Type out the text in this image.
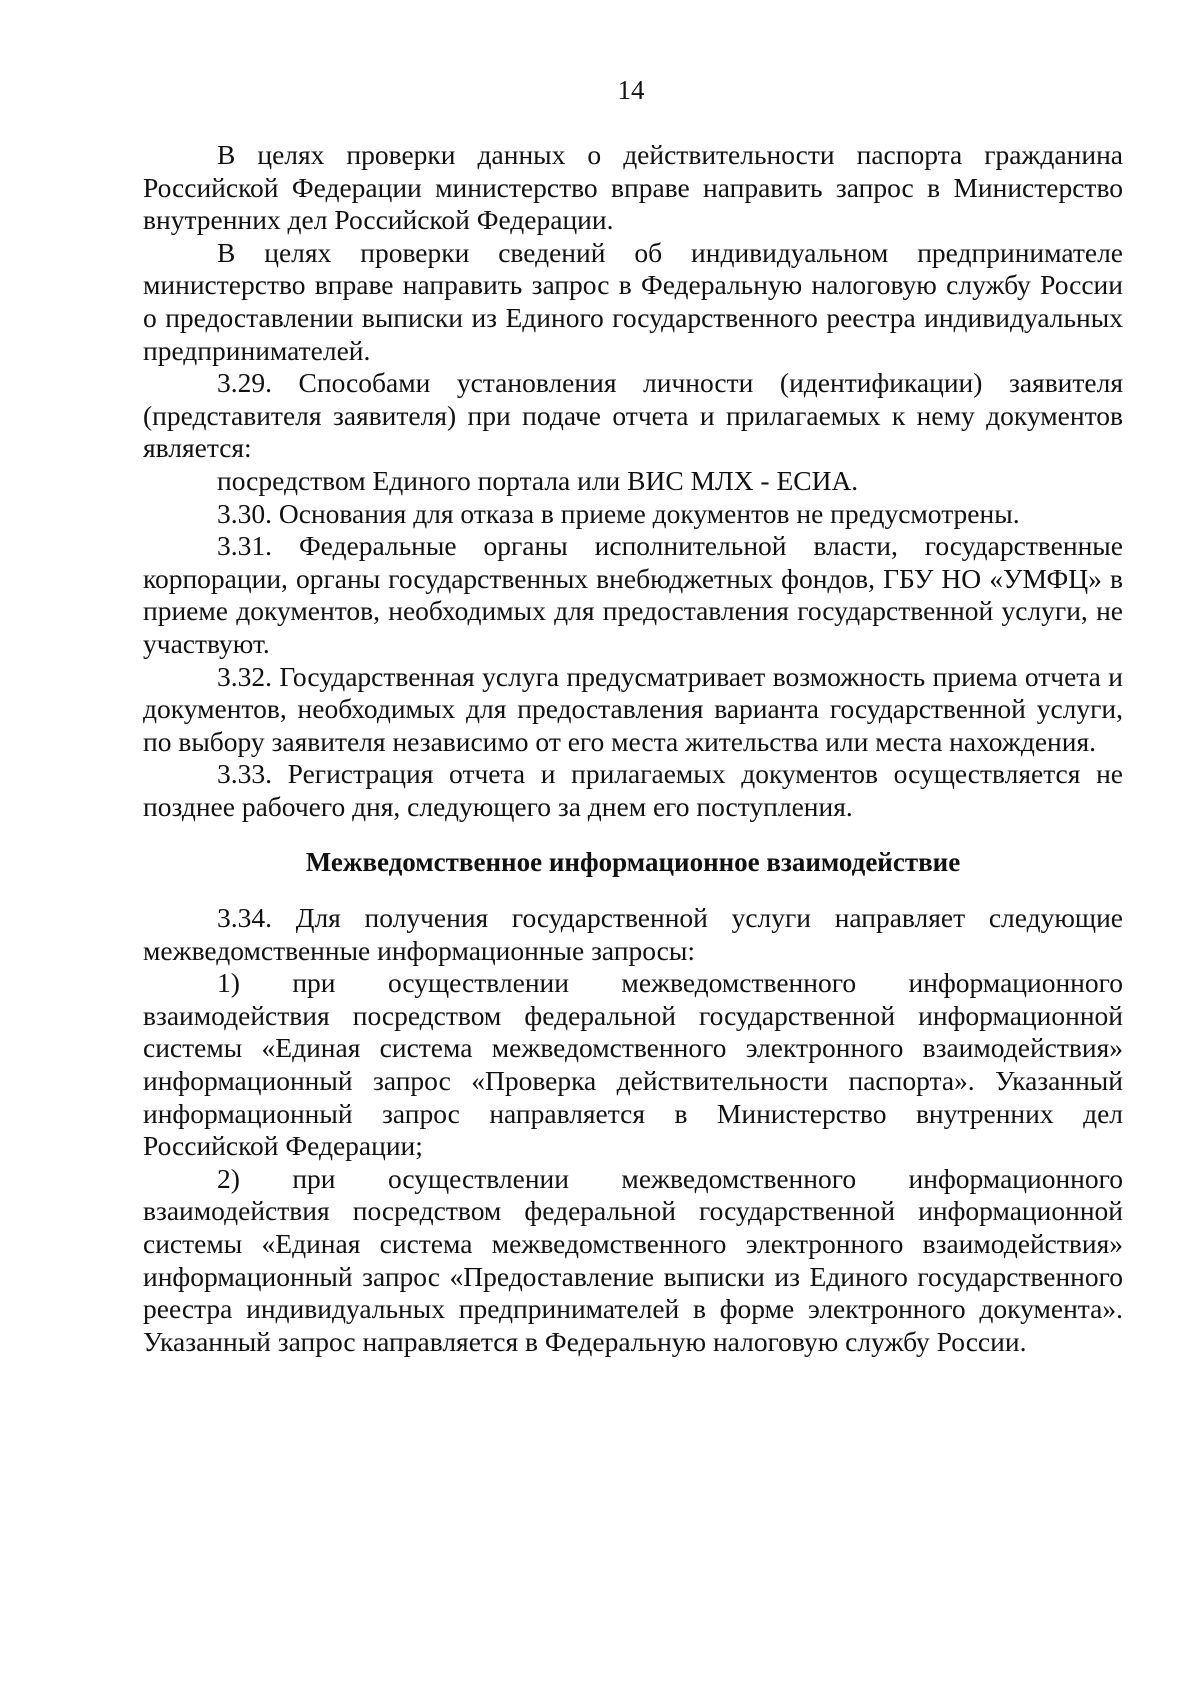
14

В целях проверки данных о действительности паспорта гражданина Российской Федерации министерство вправе направить запрос в Министерство внутренних дел Российской Федерации.

В целях проверки сведений об индивидуальном предпринимателе министерство вправе направить запрос в Федеральную налоговую службу России о предоставлении выписки из Единого государственного реестра индивидуальных предпринимателей.

3.29. Способами установления личности (идентификации) заявителя (представителя заявителя) при подаче отчета и прилагаемых к нему документов является:

посредством Единого портала или ВИС МЛХ - ЕСИА.

3.30. Основания для отказа в приеме документов не предусмотрены.

3.31. Федеральные органы исполнительной власти, государственные корпорации, органы государственных внебюджетных фондов, ГБУ НО «УМФЦ» в приеме документов, необходимых для предоставления государственной услуги, не участвуют.

3.32. Государственная услуга предусматривает возможность приема отчета и документов, необходимых для предоставления варианта государственной услуги, по выбору заявителя независимо от его места жительства или места нахождения.

3.33. Регистрация отчета и прилагаемых документов осуществляется не позднее рабочего дня, следующего за днем его поступления.

Межведомственное информационное взаимодействие

3.34. Для получения государственной услуги направляет следующие межведомственные информационные запросы:

1) при осуществлении межведомственного информационного взаимодействия посредством федеральной государственной информационной системы «Единая система межведомственного электронного взаимодействия» информационный запрос «Проверка действительности паспорта». Указанный информационный запрос направляется в Министерство внутренних дел Российской Федерации;

2) при осуществлении межведомственного информационного взаимодействия посредством федеральной государственной информационной системы «Единая система межведомственного электронного взаимодействия» информационный запрос «Предоставление выписки из Единого государственного реестра индивидуальных предпринимателей в форме электронного документа». Указанный запрос направляется в Федеральную налоговую службу России.
